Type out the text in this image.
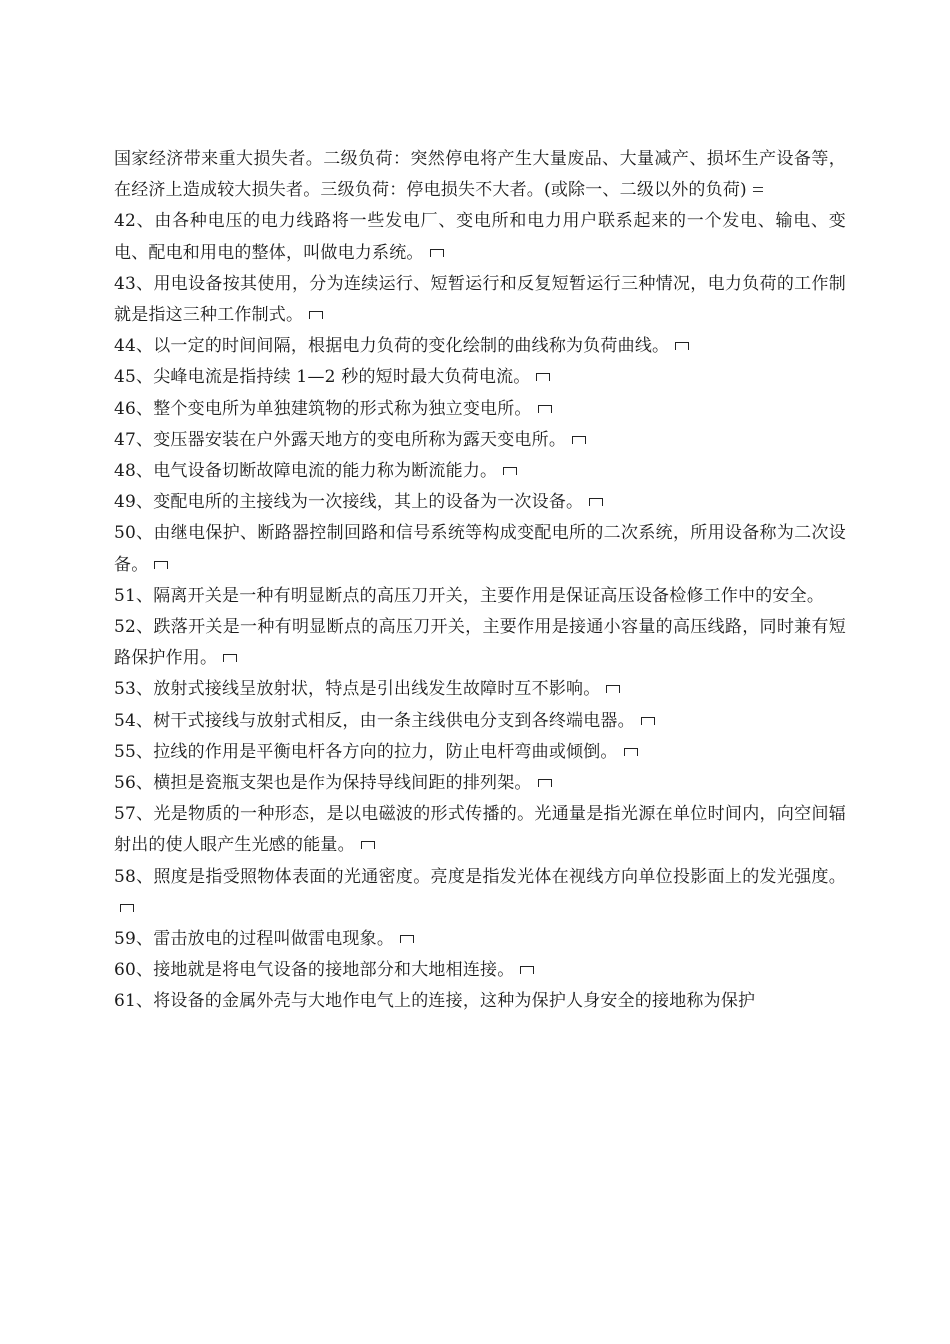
国家经济带来重大损失者。二级负荷：突然停电将产生大量废品、大量减产、损坏生产设备等，在经济上造成较大损失者。三级负荷：停电损失不大者。(或除一、二级以外的负荷)

42、由各种电压的电力线路将一些发电厂、变电所和电力用户联系起来的一个发电、输电、变电、配电和用电的整体，叫做电力系统。

43、用电设备按其使用，分为连续运行、短暂运行和反复短暂运行三种情况，电力负荷的工作制就是指这三种工作制式。

44、以一定的时间间隔，根据电力负荷的变化绘制的曲线称为负荷曲线。

45、尖峰电流是指持续 1—2 秒的短时最大负荷电流。

46、整个变电所为单独建筑物的形式称为独立变电所。

47、变压器安装在户外露天地方的变电所称为露天变电所。

48、电气设备切断故障电流的能力称为断流能力。

49、变配电所的主接线为一次接线，其上的设备为一次设备。

50、由继电保护、断路器控制回路和信号系统等构成变配电所的二次系统，所用设备称为二次设备。

51、隔离开关是一种有明显断点的高压刀开关，主要作用是保证高压设备检修工作中的安全。

52、跌落开关是一种有明显断点的高压刀开关，主要作用是接通小容量的高压线路，同时兼有短路保护作用。

53、放射式接线呈放射状，特点是引出线发生故障时互不影响。

54、树干式接线与放射式相反，由一条主线供电分支到各终端电器。

55、拉线的作用是平衡电杆各方向的拉力，防止电杆弯曲或倾倒。

56、横担是瓷瓶支架也是作为保持导线间距的排列架。

57、光是物质的一种形态，是以电磁波的形式传播的。光通量是指光源在单位时间内，向空间辐射出的使人眼产生光感的能量。

58、照度是指受照物体表面的光通密度。亮度是指发光体在视线方向单位投影面上的发光强度。

59、雷击放电的过程叫做雷电现象。

60、接地就是将电气设备的接地部分和大地相连接。

61、将设备的金属外壳与大地作电气上的连接，这种为保护人身安全的接地称为保护
